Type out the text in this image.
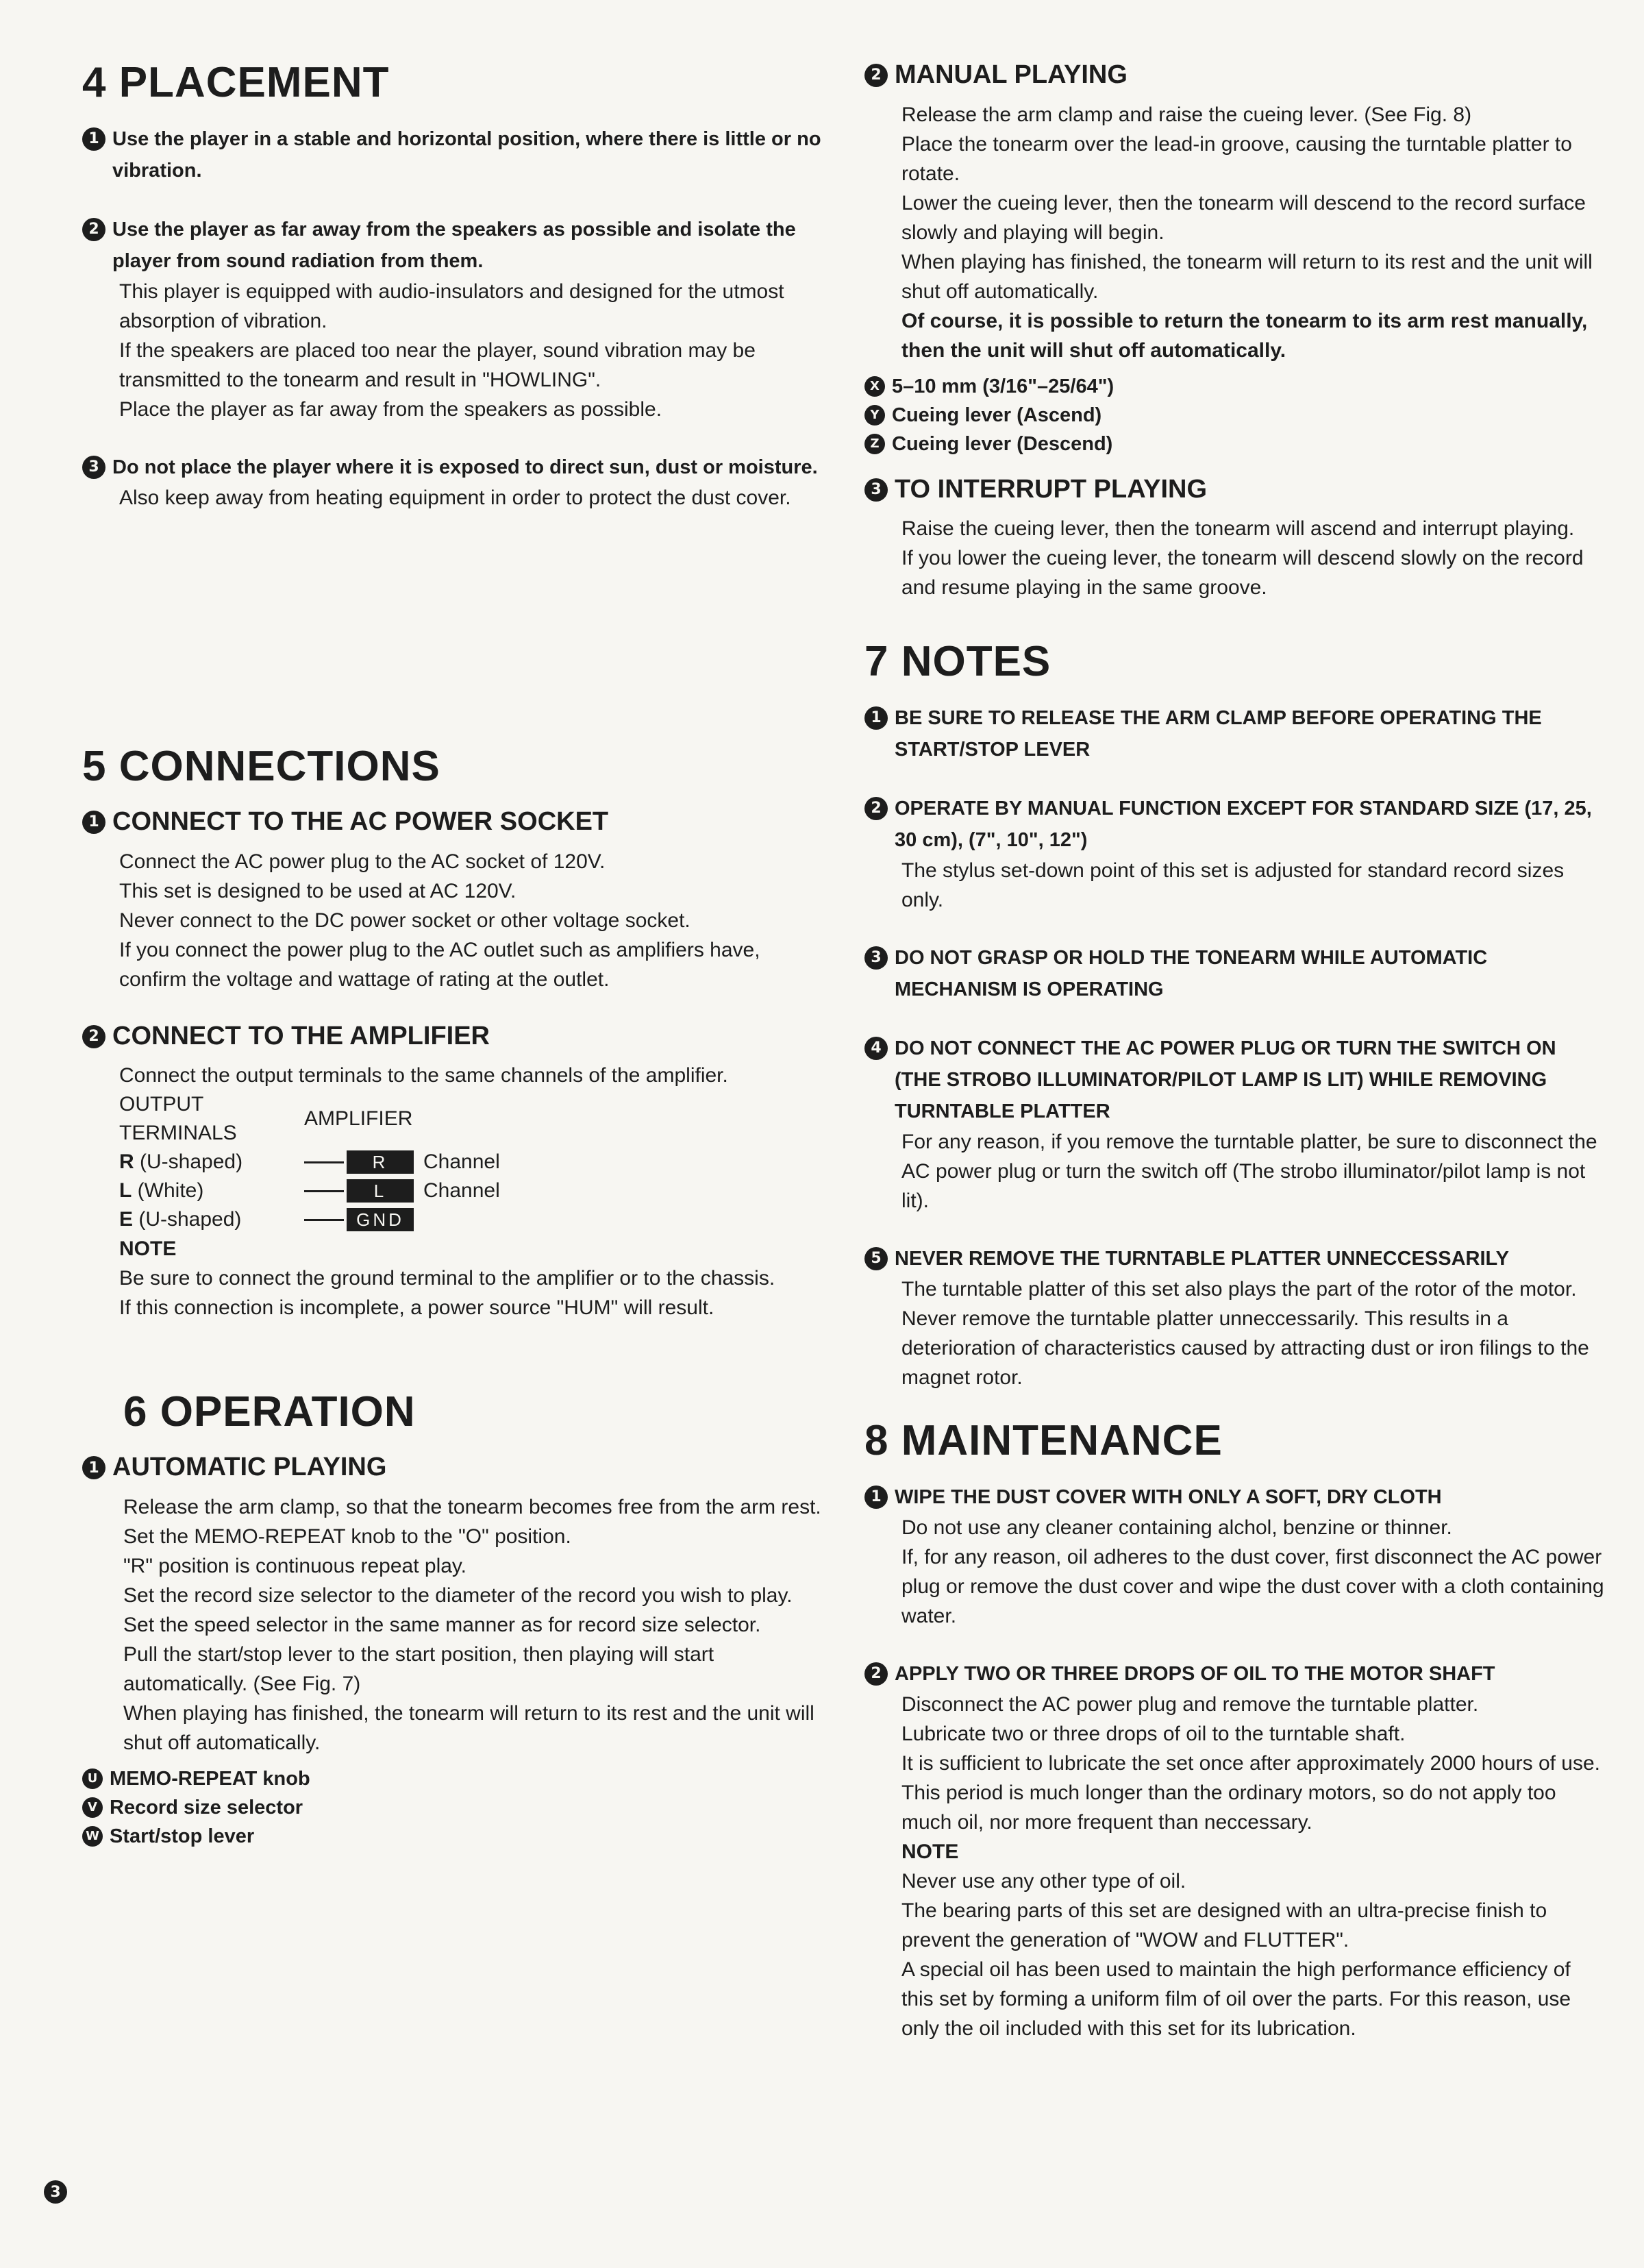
4 PLACEMENT
1 Use the player in a stable and horizontal position, where there is little or no vibration.
2 Use the player as far away from the speakers as possible and isolate the player from sound radiation from them.

This player is equipped with audio-insulators and designed for the utmost absorption of vibration.

If the speakers are placed too near the player, sound vibration may be transmitted to the tonearm and result in "HOWLING".

Place the player as far away from the speakers as possible.

3 Do not place the player where it is exposed to direct sun, dust or moisture.

Also keep away from heating equipment in order to protect the dust cover.

5 CONNECTIONS
1 CONNECT TO THE AC POWER SOCKET

Connect the AC power plug to the AC socket of 120V.

This set is designed to be used at AC 120V.

Never connect to the DC power socket or other voltage socket.

If you connect the power plug to the AC outlet such as amplifiers have, confirm the voltage and wattage of rating at the outlet.

2 CONNECT TO THE AMPLIFIER

Connect the output terminals to the same channels of the amplifier.

OUTPUT TERMINALS
AMPLIFIER
R (U-shaped)	R	Channel
L (White)	L	Channel
E (U-shaped)	GND

NOTE

Be sure to connect the ground terminal to the amplifier or to the chassis.

If this connection is incomplete, a power source "HUM" will result.

6 OPERATION
1 AUTOMATIC PLAYING

Release the arm clamp, so that the tonearm becomes free from the arm rest.

Set the MEMO-REPEAT knob to the "O" position.

"R" position is continuous repeat play.

Set the record size selector to the diameter of the record you wish to play.

Set the speed selector in the same manner as for record size selector.

Pull the start/stop lever to the start position, then playing will start automatically. (See Fig. 7)

When playing has finished, the tonearm will return to its rest and the unit will shut off automatically.

U MEMO-REPEAT knob
V Record size selector
W Start/stop lever
2 MANUAL PLAYING

Release the arm clamp and raise the cueing lever. (See Fig. 8)

Place the tonearm over the lead-in groove, causing the turntable platter to rotate.

Lower the cueing lever, then the tonearm will descend to the record surface slowly and playing will begin.

When playing has finished, the tonearm will return to its rest and the unit will shut off automatically.

Of course, it is possible to return the tonearm to its arm rest manually, then the unit will shut off automatically.

X 5–10 mm (3/16"–25/64")
Y Cueing lever (Ascend)
Z Cueing lever (Descend)
3 TO INTERRUPT PLAYING

Raise the cueing lever, then the tonearm will ascend and interrupt playing.

If you lower the cueing lever, the tonearm will descend slowly on the record and resume playing in the same groove.

7 NOTES
1 BE SURE TO RELEASE THE ARM CLAMP BEFORE OPERATING THE START/STOP LEVER
2 OPERATE BY MANUAL FUNCTION EXCEPT FOR STANDARD SIZE (17, 25, 30 cm), (7", 10", 12")

The stylus set-down point of this set is adjusted for standard record sizes only.

3 DO NOT GRASP OR HOLD THE TONEARM WHILE AUTOMATIC MECHANISM IS OPERATING
4 DO NOT CONNECT THE AC POWER PLUG OR TURN THE SWITCH ON (THE STROBO ILLUMINATOR/PILOT LAMP IS LIT) WHILE REMOVING TURNTABLE PLATTER

For any reason, if you remove the turntable platter, be sure to disconnect the AC power plug or turn the switch off (The strobo illuminator/pilot lamp is not lit).

5 NEVER REMOVE THE TURNTABLE PLATTER UNNECCESSARILY

The turntable platter of this set also plays the part of the rotor of the motor. Never remove the turntable platter unneccessarily. This results in a deterioration of characteristics caused by attracting dust or iron filings to the magnet rotor.

8 MAINTENANCE
1 WIPE THE DUST COVER WITH ONLY A SOFT, DRY CLOTH

Do not use any cleaner containing alchol, benzine or thinner.

If, for any reason, oil adheres to the dust cover, first disconnect the AC power plug or remove the dust cover and wipe the dust cover with a cloth containing water.

2 APPLY TWO OR THREE DROPS OF OIL TO THE MOTOR SHAFT

Disconnect the AC power plug and remove the turntable platter.

Lubricate two or three drops of oil to the turntable shaft.

It is sufficient to lubricate the set once after approximately 2000 hours of use.

This period is much longer than the ordinary motors, so do not apply too much oil, nor more frequent than neccessary.

NOTE

Never use any other type of oil.

The bearing parts of this set are designed with an ultra-precise finish to prevent the generation of "WOW and FLUTTER".

A special oil has been used to maintain the high performance efficiency of this set by forming a uniform film of oil over the parts. For this reason, use only the oil included with this set for its lubrication.

3
